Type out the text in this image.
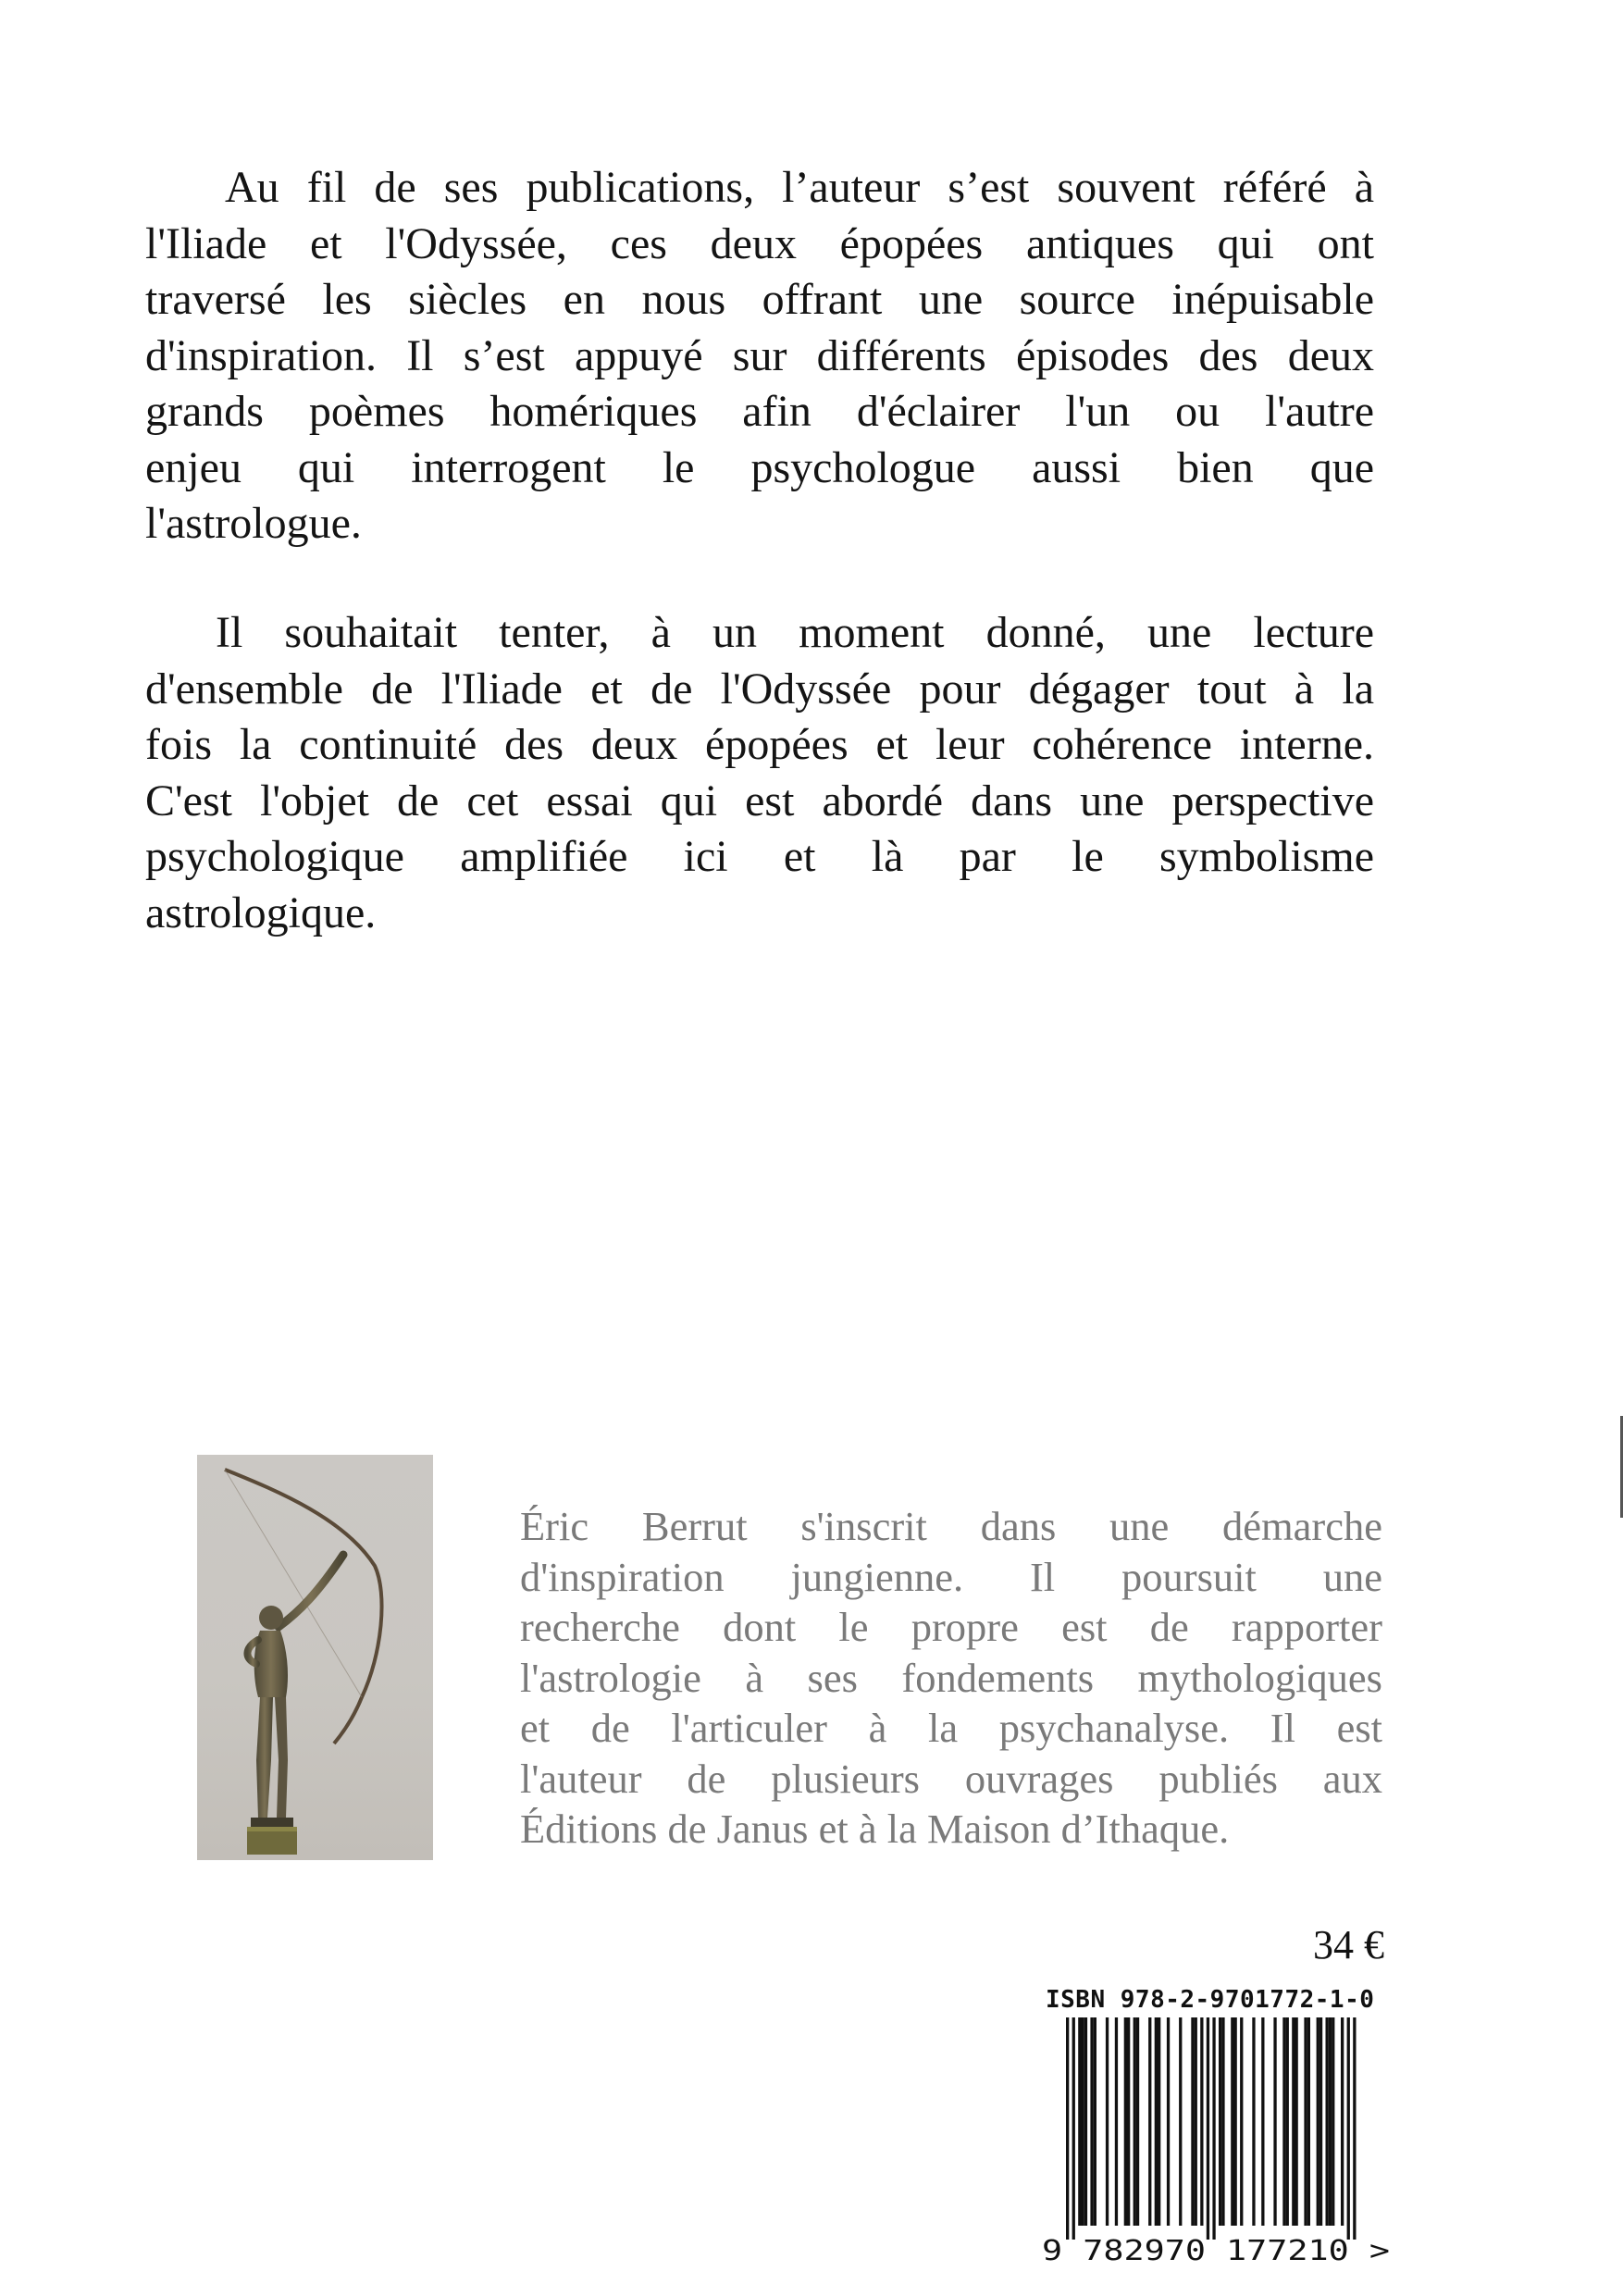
Au fil de ses publications, l’auteur s’est souvent référé à
l'Iliade et l'Odyssée, ces deux épopées antiques qui ont
traversé les siècles en nous offrant une source inépuisable
d'inspiration. Il s’est appuyé sur différents épisodes des deux
grands poèmes homériques afin d'éclairer l'un ou l'autre
enjeu qui interrogent le psychologue aussi bien que
l'astrologue.
Il souhaitait tenter, à un moment donné, une lecture
d'ensemble de l'Iliade et de l'Odyssée pour dégager tout à la
fois la continuité des deux épopées et leur cohérence interne.
C'est l'objet de cet essai qui est abordé dans une perspective
psychologique amplifiée ici et là par le symbolisme
astrologique.
Éric Berrut s'inscrit dans une démarche
d'inspiration jungienne. Il poursuit une
recherche dont le propre est de rapporter
l'astrologie à ses fondements mythologiques
et de l'articuler à la psychanalyse. Il est
l'auteur de plusieurs ouvrages publiés aux
Éditions de Janus et à la Maison d’Ithaque.
34 €
ISBN 978-2-9701772-1-0
9 782970 177210 >
